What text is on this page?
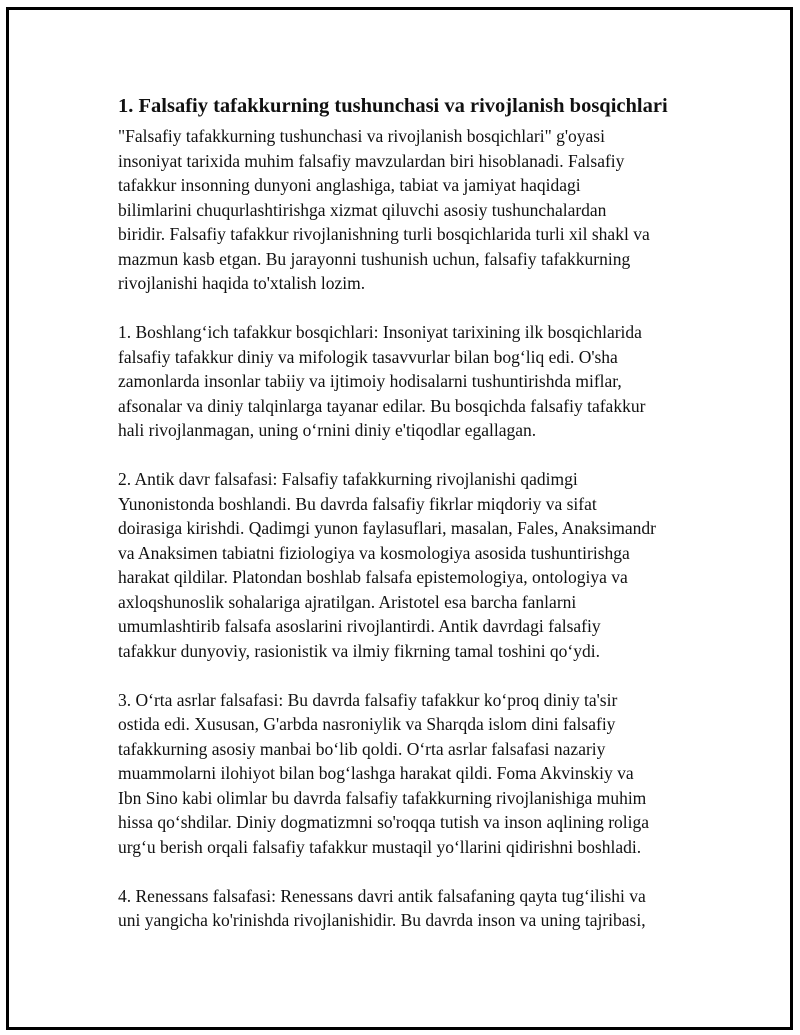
1. Falsafiy tafakkurning tushunchasi va rivojlanish bosqichlari
"Falsafiy tafakkurning tushunchasi va rivojlanish bosqichlari" g'oyasi
insoniyat tarixida muhim falsafiy mavzulardan biri hisoblanadi. Falsafiy
tafakkur insonning dunyoni anglashiga, tabiat va jamiyat haqidagi
bilimlarini chuqurlashtirishga xizmat qiluvchi asosiy tushunchalardan
biridir. Falsafiy tafakkur rivojlanishning turli bosqichlarida turli xil shakl va
mazmun kasb etgan. Bu jarayonni tushunish uchun, falsafiy tafakkurning
rivojlanishi haqida to'xtalish lozim.
1. Boshlang‘ich tafakkur bosqichlari: Insoniyat tarixining ilk bosqichlarida
falsafiy tafakkur diniy va mifologik tasavvurlar bilan bog‘liq edi. O'sha
zamonlarda insonlar tabiiy va ijtimoiy hodisalarni tushuntirishda miflar,
afsonalar va diniy talqinlarga tayanar edilar. Bu bosqichda falsafiy tafakkur
hali rivojlanmagan, uning o‘rnini diniy e'tiqodlar egallagan.
2. Antik davr falsafasi: Falsafiy tafakkurning rivojlanishi qadimgi
Yunonistonda boshlandi. Bu davrda falsafiy fikrlar miqdoriy va sifat
doirasiga kirishdi. Qadimgi yunon faylasuflari, masalan, Fales, Anaksimandr
va Anaksimen tabiatni fiziologiya va kosmologiya asosida tushuntirishga
harakat qildilar. Platondan boshlab falsafa epistemologiya, ontologiya va
axloqshunoslik sohalariga ajratilgan. Aristotel esa barcha fanlarni
umumlashtirib falsafa asoslarini rivojlantirdi. Antik davrdagi falsafiy
tafakkur dunyoviy, rasionistik va ilmiy fikrning tamal toshini qo‘ydi.
3. O‘rta asrlar falsafasi: Bu davrda falsafiy tafakkur ko‘proq diniy ta'sir
ostida edi. Xususan, G'arbda nasroniylik va Sharqda islom dini falsafiy
tafakkurning asosiy manbai bo‘lib qoldi. O‘rta asrlar falsafasi nazariy
muammolarni ilohiyot bilan bog‘lashga harakat qildi. Foma Akvinskiy va
Ibn Sino kabi olimlar bu davrda falsafiy tafakkurning rivojlanishiga muhim
hissa qo‘shdilar. Diniy dogmatizmni so'roqqa tutish va inson aqlining roliga
urg‘u berish orqali falsafiy tafakkur mustaqil yo‘llarini qidirishni boshladi.
4. Renessans falsafasi: Renessans davri antik falsafaning qayta tug‘ilishi va
uni yangicha ko'rinishda rivojlanishidir. Bu davrda inson va uning tajribasi,
